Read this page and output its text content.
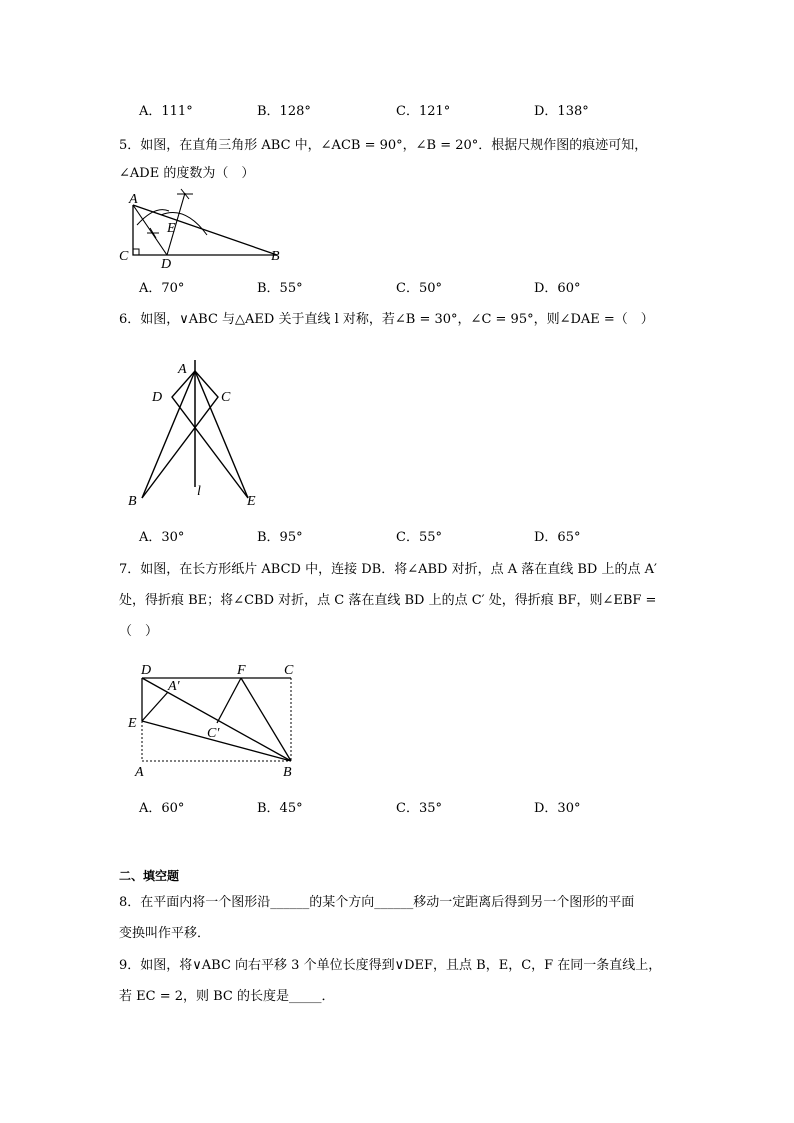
A．111°	B．128°	C．121°	D．138°
5．如图，在直角三角形 ABC 中，∠ACB = 90°，∠B = 20°．根据尺规作图的痕迹可知，
∠ADE 的度数为（　）
A
E
C
D
B
A．70°	B．55°	C．50°	D．60°
6．如图，∨ABC 与△AED 关于直线 l 对称，若∠B = 30°，∠C = 95°，则∠DAE =（　）
A
D	C
B
l
E
A．30°	B．95°	C．55°	D．65°
7．如图，在长方形纸片 ABCD 中，连接 DB．将∠ABD 对折，点 A 落在直线 BD 上的点 A′
处，得折痕 BE；将∠CBD 对折，点 C 落在直线 BD 上的点 C′ 处，得折痕 BF，则∠EBF =
（　）
D	F	C
A′
E
C′
A	B
A．60°	B．45°	C．35°	D．30°
二、填空题
8．在平面内将一个图形沿______的某个方向______移动一定距离后得到另一个图形的平面
变换叫作平移．
9．如图，将∨ABC 向右平移 3 个单位长度得到∨DEF，且点 B，E，C，F 在同一条直线上，
若 EC = 2，则 BC 的长度是_____．
